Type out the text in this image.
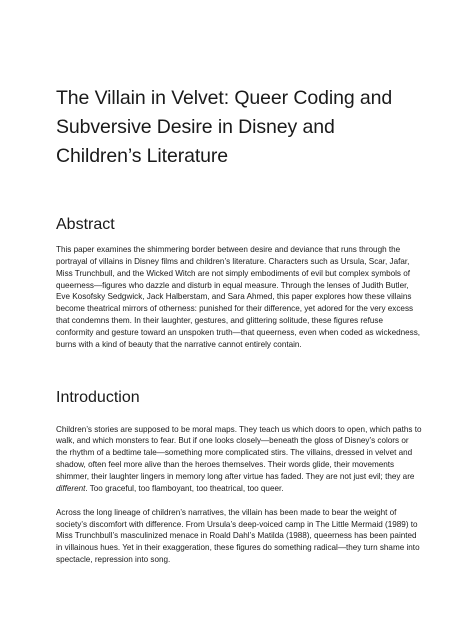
The Villain in Velvet: Queer Coding and Subversive Desire in Disney and Children’s Literature
Abstract

This paper examines the shimmering border between desire and deviance that runs through the portrayal of villains in Disney films and children’s literature. Characters such as Ursula, Scar, Jafar, Miss Trunchbull, and the Wicked Witch are not simply embodiments of evil but complex symbols of queerness—figures who dazzle and disturb in equal measure. Through the lenses of Judith Butler, Eve Kosofsky Sedgwick, Jack Halberstam, and Sara Ahmed, this paper explores how these villains become theatrical mirrors of otherness: punished for their difference, yet adored for the very excess that condemns them. In their laughter, gestures, and glittering solitude, these figures refuse conformity and gesture toward an unspoken truth—that queerness, even when coded as wickedness, burns with a kind of beauty that the narrative cannot entirely contain.

Introduction

Children’s stories are supposed to be moral maps. They teach us which doors to open, which paths to walk, and which monsters to fear. But if one looks closely—beneath the gloss of Disney’s colors or the rhythm of a bedtime tale—something more complicated stirs. The villains, dressed in velvet and shadow, often feel more alive than the heroes themselves. Their words glide, their movements shimmer, their laughter lingers in memory long after virtue has faded. They are not just evil; they are different. Too graceful, too flamboyant, too theatrical, too queer.

Across the long lineage of children’s narratives, the villain has been made to bear the weight of society’s discomfort with difference. From Ursula’s deep-voiced camp in The Little Mermaid (1989) to Miss Trunchbull’s masculinized menace in Roald Dahl’s Matilda (1988), queerness has been painted in villainous hues. Yet in their exaggeration, these figures do something radical—they turn shame into spectacle, repression into song.
